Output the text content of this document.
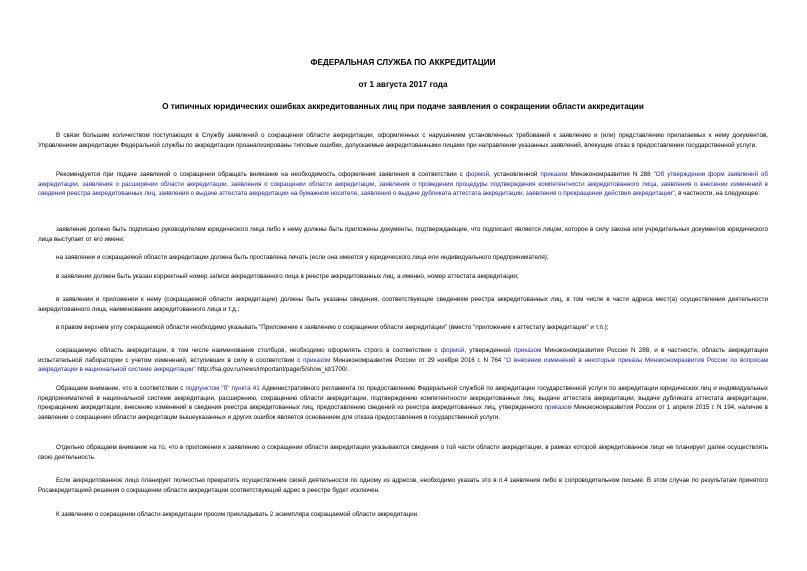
ФЕДЕРАЛЬНАЯ СЛУЖБА ПО АККРЕДИТАЦИИ
от 1 августа 2017 года
О типичных юридических ошибках аккредитованных лиц при подаче заявления о сокращении области аккредитации
В связи большим количеством поступающих в Службу заявлений о сокращении области аккредитации, оформленных с нарушением установленных требований к заявлению и (или) представлению прилагаемых к нему документов, Управлением аккредитации Федеральной службы по аккредитации проанализированы типовые ошибки, допускаемые аккредитованными лицами при направлении указанных заявлений, влекущие отказ в предоставлении государственной услуги.
Рекомендуется при подаче заявлений о сокращении обращать внимание на необходимость оформления заявления в соответствии с формой, установленной приказом Минэкономразвития N 288 "Об утверждении форм заявлений об аккредитации, заявления о расширении области аккредитации, заявления о сокращении области аккредитации, заявления о проведении процедуры подтверждения компетентности аккредитованного лица, заявления о внесении изменений в сведения реестра аккредитованных лиц, заявления о выдаче аттестата аккредитации на бумажном носителе, заявления о выдаче дубликата аттестата аккредитации, заявления о прекращении действия аккредитации", в частности, на следующее:
заявление должно быть подписано руководителем юридического лица либо к нему должны быть приложены документы, подтверждающие, что подписант является лицом, которое в силу закона или учредительных документов юридического лица выступает от его имени;
на заявлении и сокращаемой области аккредитации должна быть проставлена печать (если она имеется у юридического лица или индивидуального предпринимателя);
в заявлении должен быть указан корректный номер записи аккредитованного лица в реестре аккредитованных лиц, а именно, номер аттестата аккредитации;
в заявлении и приложении к нему (сокращаемой области аккредитации) должны быть указаны сведения, соответствующие сведениям реестра аккредитованных лиц, в том числе в части адреса мест(а) осуществления деятельности аккредитованного лица, наименования аккредитованного лица и т.д.;
в правом верхнем углу сокращаемой области необходимо указывать "Приложение к заявлению о сокращении области аккредитации" (вместо "приложение к аттестату аккредитации" и т.п.);
сокращаемую область аккредитации, в том числе наименование столбцов, необходимо оформлять строго в соответствии с формой, утвержденной приказом Минэкономразвития России N 288, и в частности, область аккредитации испытательной лаборатории с учетом изменений, вступивших в силу в соответствии с приказом Минэкономразвития России от 29 ноября 2016 г. N 764 "О внесении изменений в некоторые приказы Минэкономразвития России по вопросам аккредитации в национальной системе аккредитации" http://fsa.gov.ru/news/important/page/5/show_id/1700/.
Обращаем внимание, что в соответствии с подпунктом "б" пункта 41 Административного регламента по предоставлению Федеральной службой по аккредитации государственной услуги по аккредитации юридических лиц и индивидуальных предпринимателей в национальной системе аккредитации, расширению, сокращению области аккредитации, подтверждению компетентности аккредитованных лиц, выдаче аттестата аккредитации, выдаче дубликата аттестата аккредитации, прекращению аккредитации, внесению изменений в сведения реестра аккредитованных лиц, предоставлению сведений из реестра аккредитованных лиц, утвержденного приказом Минэкономразвития России от 1 апреля 2015 г. N 194, наличие в заявлении о сокращении области аккредитации вышеуказанных и других ошибок является основанием для отказа предоставления в государственной услуги.
Отдельно обращаем внимание на то, что в приложении к заявлению о сокращении области аккредитации указываются сведения о той части области аккредитации, в рамках которой аккредитованное лицо не планирует далее осуществлять свою деятельность.
Если аккредитованное лицо планирует полностью прекратить осуществление своей деятельности по одному из адресов, необходимо указать это в п.4 заявления либо в сопроводительном письме. В этом случае по результатам принятого Росаккредитацией решения о сокращении области аккредитации соответствующий адрес в реестре будет исключен.
К заявлению о сокращении области аккредитации просим прикладывать 2 экземпляра сокращаемой области аккредитации.
